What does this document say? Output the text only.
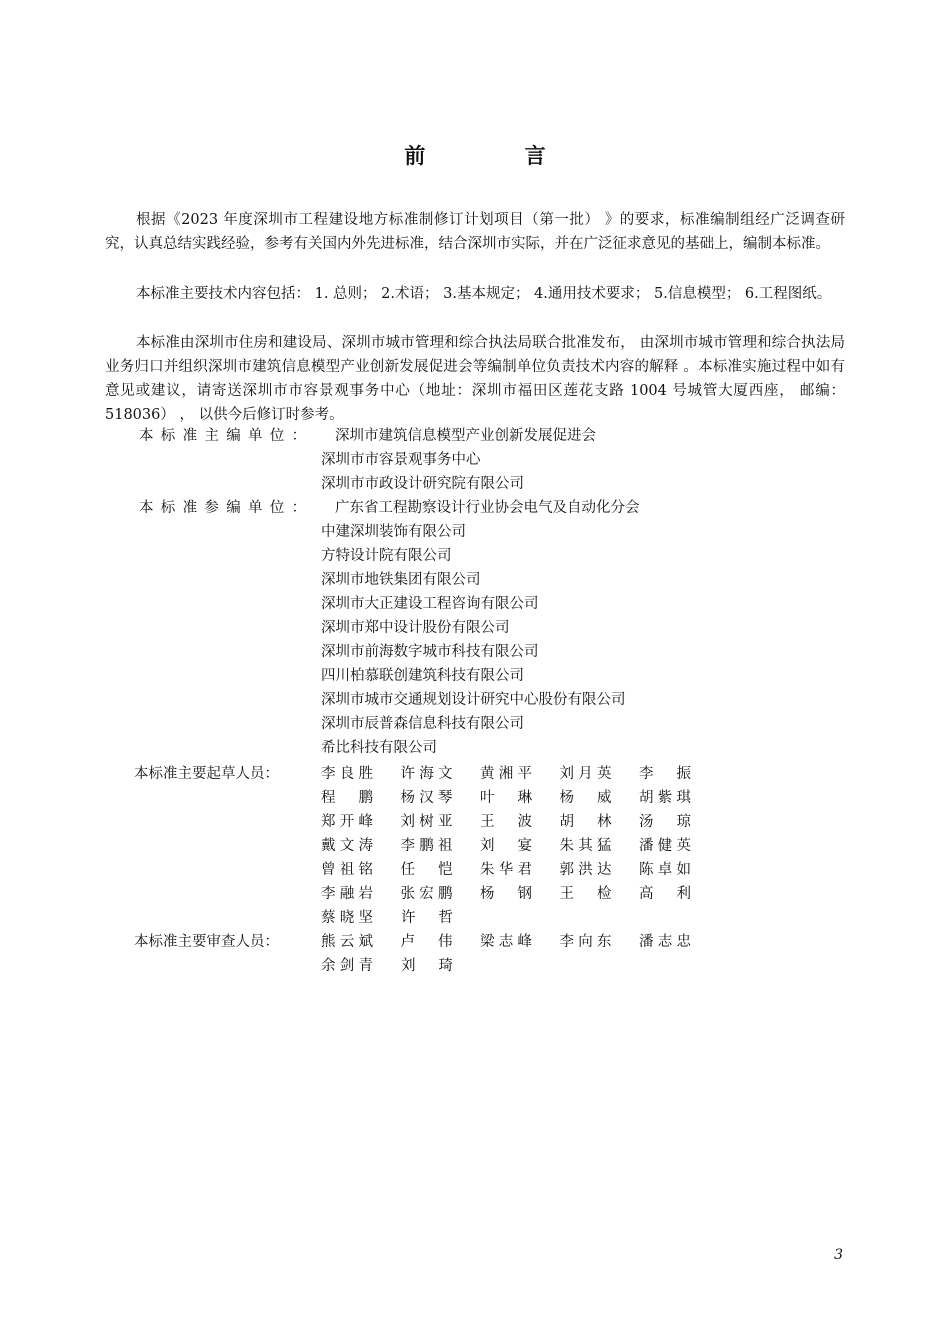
前 言
根据《2023 年度深圳市工程建设地方标准制修订计划项目（第一批） 》的要求，标准编制组经广泛调查研究，认真总结实践经验，参考有关国内外先进标准，结合深圳市实际，并在广泛征求意见的基础上，编制本标准。
本标准主要技术内容包括： 1. 总则； 2.术语； 3.基本规定； 4.通用技术要求； 5.信息模型； 6.工程图纸。
本标准由深圳市住房和建设局、深圳市城市管理和综合执法局联合批准发布， 由深圳市城市管理和综合执法局业务归口并组织深圳市建筑信息模型产业创新发展促进会等编制单位负责技术内容的解释 。本标准实施过程中如有意见或建议，请寄送深圳市市容景观事务中心（地址：深圳市福田区莲花支路 1004 号城管大厦西座， 邮编： 518036） ， 以供今后修订时参考。
本标准主编单位：
深圳市市容景观事务中心
深圳市市政设计研究院有限公司
深圳市建筑信息模型产业创新发展促进会
本标准参编单位： 广东省工程勘察设计行业协会电气及自动化分会
中建深圳装饰有限公司
方特设计院有限公司
深圳市地铁集团有限公司
深圳市大正建设工程咨询有限公司
深圳市郑中设计股份有限公司
深圳市前海数字城市科技有限公司
四川柏慕联创建筑科技有限公司
深圳市城市交通规划设计研究中心股份有限公司
深圳市辰普森信息科技有限公司
希比科技有限公司
本标准主要起草人员：	李良胜 许海文 黄湘平 刘月英 李振
程鹏 杨汉琴 叶琳 杨威 胡紫琪
郑开峰 刘树亚 王波 胡林 汤琼
戴文涛 李鹏祖 刘宴 朱其猛 潘健英
曾祖铭 任恺 朱华君 郭洪达 陈卓如
李融岩 张宏鹏 杨钢 王检 高利
蔡晓坚 许哲
本标准主要审查人员：	熊云斌 卢伟 梁志峰 李向东 潘志忠
余剑青 刘琦
3
